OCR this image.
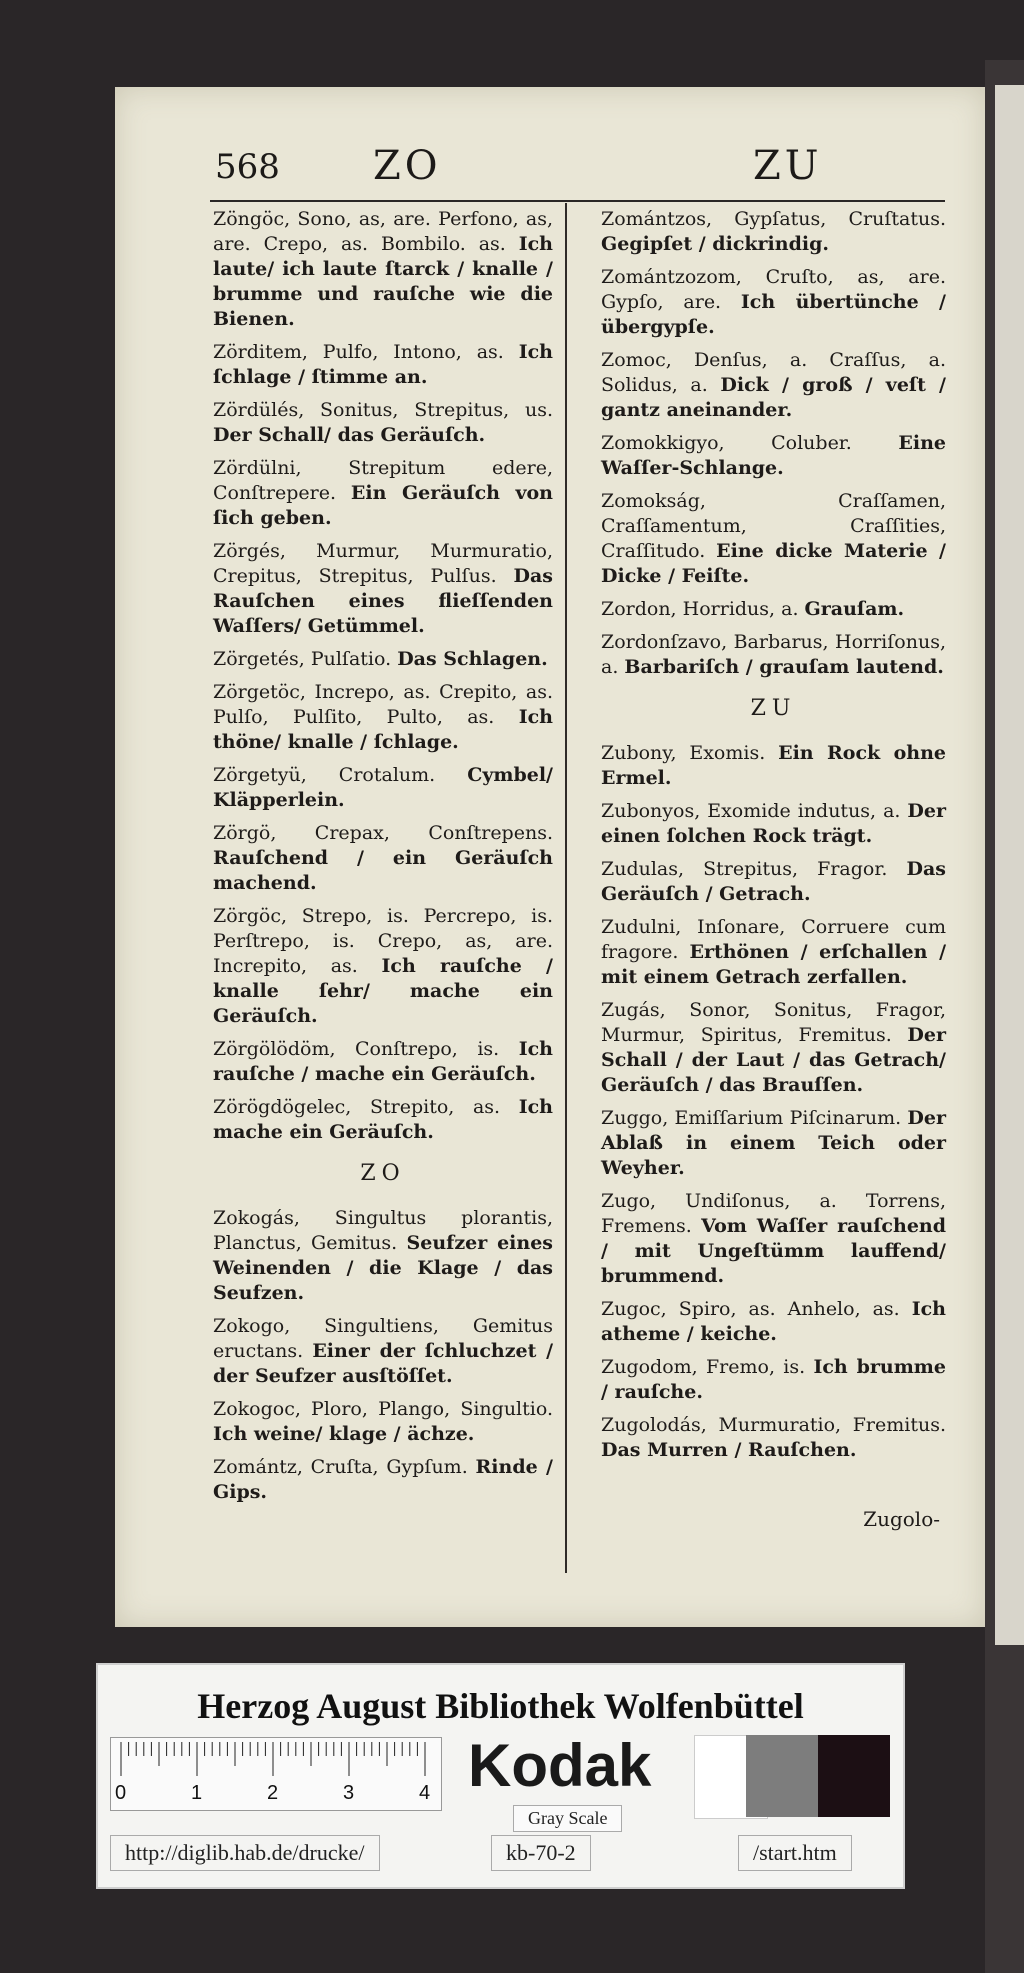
568 ZO	ZU
Zöngöc, Sono, as, are. Perfono, as, are. Crepo, as. Bombilo. as. Ich laute/ ich laute ſtarck / knalle / brumme und rauſche wie die Bienen.
Zörditem, Pulfo, Intono, as. Ich ſchlage / ſtimme an.
Zördülés, Sonitus, Strepitus, us. Der Schall/ das Geräuſch.
Zördülni, Strepitum edere, Conſtrepere. Ein Geräuſch von ſich geben.
Zörgés, Murmur, Murmuratio, Crepitus, Strepitus, Pulſus. Das Rauſchen eines flieſſenden Waſſers/ Getümmel.
Zörgetés, Pulſatio. Das Schlagen.
Zörgetöc, Increpo, as. Crepito, as. Pulſo, Pulſito, Pulto, as. Ich thöne/ knalle / ſchlage.
Zörgetyü, Crotalum. Cymbel/ Kläpperlein.
Zörgö, Crepax, Conſtrepens. Rauſchend / ein Geräuſch machend.
Zörgöc, Strepo, is. Percrepo, is. Perſtrepo, is. Crepo, as, are. Increpito, as. Ich rauſche / knalle ſehr/ mache ein Geräuſch.
Zörgölödöm, Conſtrepo, is. Ich rauſche / mache ein Geräuſch.
Zörögdögelec, Strepito, as. Ich mache ein Geräuſch.
ZO
Zokogás, Singultus plorantis, Planctus, Gemitus. Seufzer eines Weinenden / die Klage / das Seufzen.
Zokogo, Singultiens, Gemitus eructans. Einer der ſchluchzet / der Seufzer ausſtöſſet.
Zokogoc, Ploro, Plango, Singultio. Ich weine/ klage / ächze.
Zomántz, Cruſta, Gypſum. Rinde / Gips.
Zomántzos, Gypſatus, Cruſtatus. Gegipſet / dickrindig.
Zomántzozom, Cruſto, as, are. Gypſo, are. Ich übertünche / übergypſe.
Zomoc, Denſus, a. Craſſus, a. Solidus, a. Dick / groß / veſt / gantz aneinander.
Zomokkigyo, Coluber. Eine Waſſer-Schlange.
Zomokság, Craſſamen, Craſſamentum, Craſſities, Craſſitudo. Eine dicke Materie / Dicke / Feiſte.
Zordon, Horridus, a. Grauſam.
Zordonſzavo, Barbarus, Horriſonus, a. Barbariſch / grauſam lautend.
ZU
Zubony, Exomis. Ein Rock ohne Ermel.
Zubonyos, Exomide indutus, a. Der einen ſolchen Rock trägt.
Zudulas, Strepitus, Fragor. Das Geräuſch / Getrach.
Zudulni, Inſonare, Corruere cum fragore. Erthönen / erſchallen / mit einem Getrach zerfallen.
Zugás, Sonor, Sonitus, Fragor, Murmur, Spiritus, Fremitus. Der Schall / der Laut / das Getrach/ Geräuſch / das Brauſſen.
Zuggo, Emiſſarium Piſcinarum. Der Ablaß in einem Teich oder Weyher.
Zugo, Undiſonus, a. Torrens, Fremens. Vom Waſſer rauſchend / mit Ungeſtümm lauffend/ brummend.
Zugoc, Spiro, as. Anhelo, as. Ich atheme / keiche.
Zugodom, Fremo, is. Ich brumme / rauſche.
Zugolodás, Murmuratio, Fremitus. Das Murren / Rauſchen.
Zugolo-
Herzog August Bibliothek Wolfenbüttel
0	1	2	3	4 Kodak
Gray Scale
http://diglib.hab.de/drucke/	kb-70-2	/start.htm
